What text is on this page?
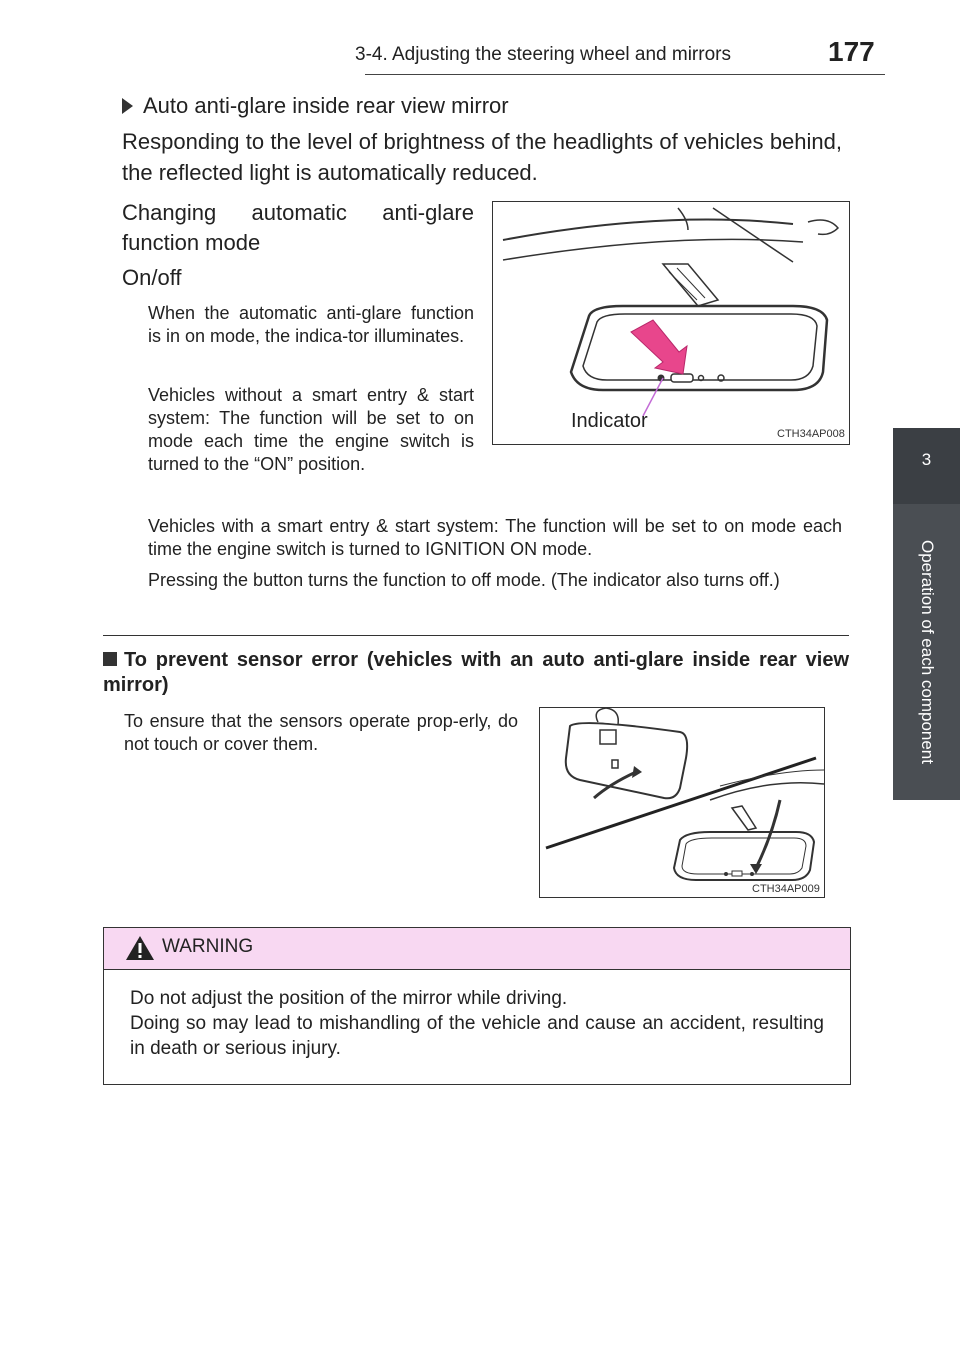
3-4. Adjusting the steering wheel and mirrors	177
3
Operation of each component
Auto anti-glare inside rear view mirror
Responding to the level of brightness of the headlights of vehicles behind, the reflected light is automatically reduced.
Changing automatic anti-glare
function mode
On/off
When the automatic anti-glare function is in on mode, the indica-tor illuminates.
Vehicles without a smart entry & start system: The function will be set to on mode each time the engine switch is turned to the “ON” position.
Vehicles with a smart entry & start system: The function will be set to on mode each time the engine switch is turned to IGNITION ON mode.
Pressing the button turns the function to off mode. (The indicator also turns off.)
Indicator
CTH34AP008
To prevent sensor error (vehicles with an auto anti-glare inside rear view mirror)
To ensure that the sensors operate prop-erly, do not touch or cover them.
CTH34AP009
WARNING
Do not adjust the position of the mirror while driving.
Doing so may lead to mishandling of the vehicle and cause an accident, resulting in death or serious injury.
